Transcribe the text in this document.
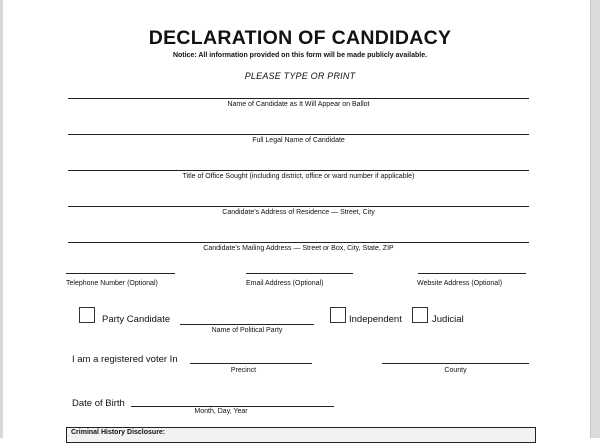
DECLARATION OF CANDIDACY
Notice: All information provided on this form will be made publicly available.
PLEASE TYPE OR PRINT
Name of Candidate as It Will Appear on Ballot
Full Legal Name of Candidate
Title of Office Sought (including district, office or ward number if applicable)
Candidate’s Address of Residence — Street, City
Candidate’s Mailing Address — Street or Box, City, State, ZIP
Telephone Number (Optional)	Email Address (Optional)	Website Address (Optional)
Party Candidate
Name of Political Party
Independent	Judicial
I am a registered voter In
Precinct	County
Date of Birth
Month, Day, Year
Criminal History Disclosure:
